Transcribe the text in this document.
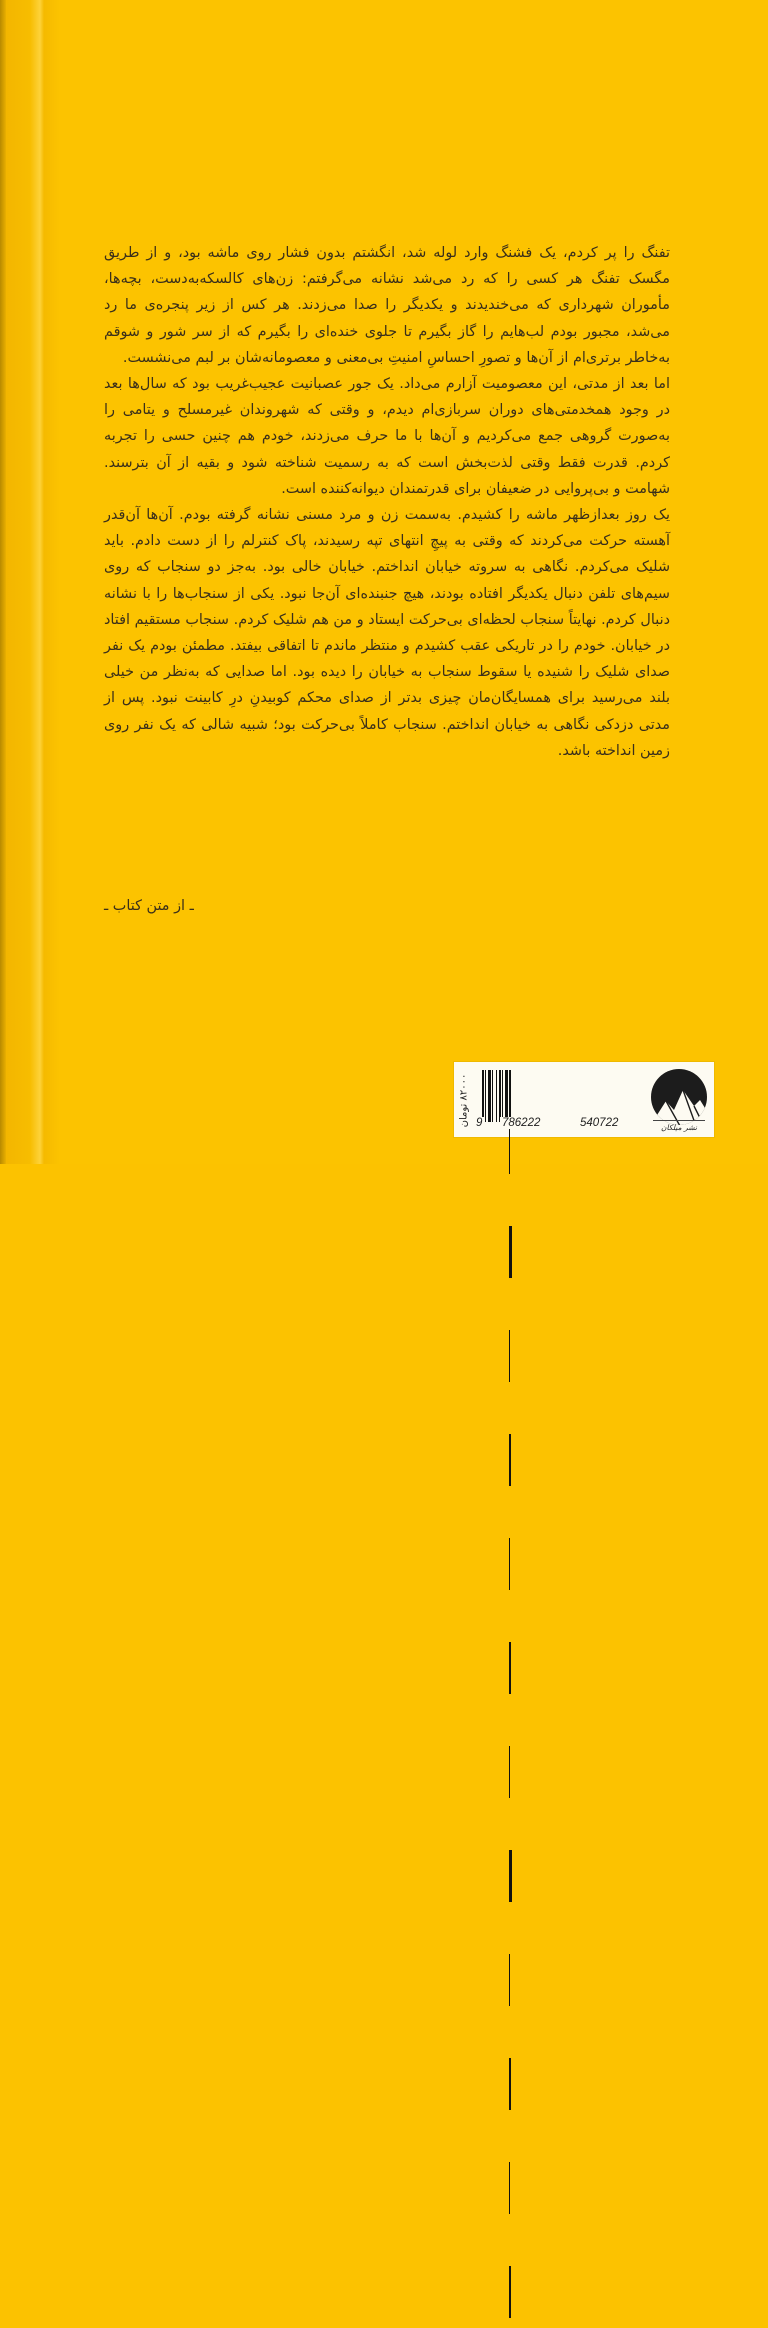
تفنگ را پر کردم، یک فشنگ وارد لوله شد، انگشتم بدون فشار روی ماشه بود، و از طریق مگسک تفنگ هر کسی را که رد می‌شد نشانه می‌گرفتم: زن‌های کالسکه‌به‌دست، بچه‌ها، مأموران شهرداری که می‌خندیدند و یکدیگر را صدا می‌زدند. هر کس از زیر پنجره‌ی ما رد می‌شد، مجبور بودم لب‌هایم را گاز بگیرم تا جلوی خنده‌ای را بگیرم که از سر شور و شوقم به‌خاطر برتری‌ام از آن‌ها و تصورِ احساسِ امنیتِ بی‌معنی و معصومانه‌شان بر لبم می‌نشست.

اما بعد از مدتی، این معصومیت آزارم می‌داد. یک جور عصبانیت عجیب‌غریب بود که سال‌ها بعد در وجود همخدمتی‌های دوران سربازی‌ام دیدم، و وقتی که شهروندان غیرمسلح و یتامی را به‌صورت گروهی جمع می‌کردیم و آن‌ها با ما حرف می‌زدند، خودم هم چنین حسی را تجربه کردم. قدرت فقط وقتی لذت‌بخش است که به رسمیت شناخته شود و بقیه از آن بترسند. شهامت و بی‌پروایی در ضعیفان برای قدرتمندان دیوانه‌کننده است.

یک روز بعدازظهر ماشه را کشیدم. به‌سمت زن و مرد مسنی نشانه گرفته بودم. آن‌ها آن‌قدر آهسته حرکت می‌کردند که وقتی به پیچِ انتهای تپه رسیدند، پاک کنترلم را از دست دادم. باید شلیک می‌کردم. نگاهی به سروته خیابان انداختم. خیابان خالی بود. به‌جز دو سنجاب که روی سیم‌های تلفن دنبال یکدیگر افتاده بودند، هیچ جنبنده‌ای آن‌جا نبود. یکی از سنجاب‌ها را با نشانه دنبال کردم. نهایتاً سنجاب لحظه‌ای بی‌حرکت ایستاد و من هم شلیک کردم. سنجاب مستقیم افتاد در خیابان. خودم را در تاریکی عقب کشیدم و منتظر ماندم تا اتفاقی بیفتد. مطمئن بودم یک نفر صدای شلیک را شنیده یا سقوط سنجاب به خیابان را دیده بود. اما صدایی که به‌نظر من خیلی بلند می‌رسید برای همسایگان‌مان چیزی بدتر از صدای محکم کوبیدنِ درِ کابینت نبود. پس از مدتی دزدکی نگاهی به خیابان انداختم. سنجاب کاملاً بی‌حرکت بود؛ شبیه شالی که یک نفر روی زمین انداخته باشد.

ـ از متن کتاب ـ
۸۲۰۰۰ تومان
9 786222	540722	نشر میلکان
